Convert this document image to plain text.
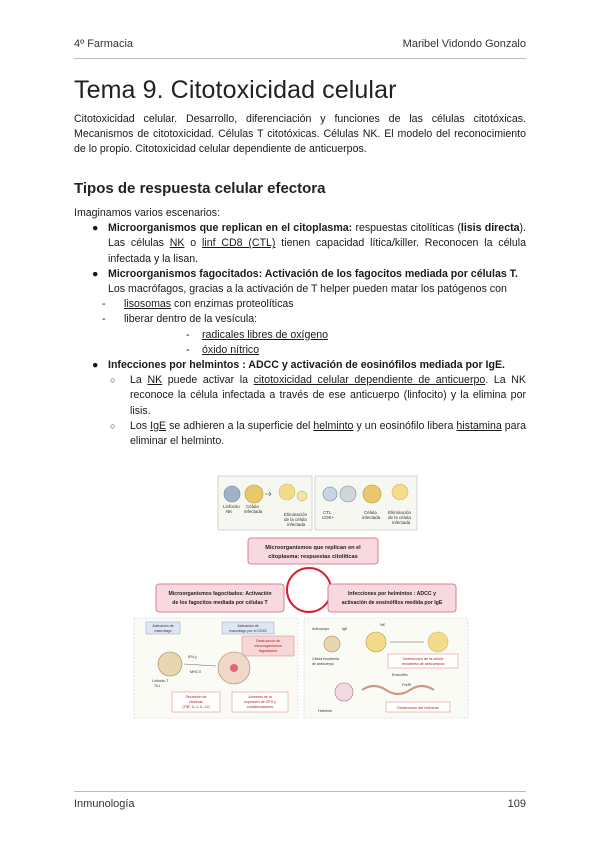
4º Farmacia	Maribel Vidondo Gonzalo
Tema 9. Citotoxicidad celular

Citotoxicidad celular. Desarrollo, diferenciación y funciones de las células citotóxicas. Mecanismos de citotoxicidad. Células T citotóxicas. Células NK. El modelo del reconocimiento de lo propio. Citotoxicidad celular dependiente de anticuerpos.

Tipos de respuesta celular efectora

Imaginamos varios escenarios:

● Microorganismos que replican en el citoplasma: respuestas citolíticas (lisis directa). Las células NK o linf CD8 (CTL) tienen capacidad lítica/killer. Reconocen la célula infectada y la lisan.
● Microorganismos fagocitados: Activación de los fagocitos mediada por células T.
Los macrófagos, gracias a la activación de T helper pueden matar los patógenos con
- lisosomas con enzimas proteolíticas
- liberar dentro de la vesícula:
- radicales libres de oxígeno
- óxido nítrico
● Infecciones por helmintos : ADCC y activación de eosinófilos mediada por IgE.
○ La NK puede activar la citotoxicidad celular dependiente de anticuerpo. La NK reconoce la célula infectada a través de ese anticuerpo (linfocito) y la elimina por lisis.
○ Los IgE se adhieren a la superficie del helminto y un eosinófilo libera histamina para eliminar el helminto.
Linfocito
NK
Célula
infectada
Eliminación
de la célula
infectada
CTL
CD8+
Célula
infectada
Eliminación
de la célula
infectada
Microorganismos que replican en el
citoplasma: respuestas citolíticas
Microorganismos fagocitados: Activación
de los fagocitos mediada por células T
Infecciones por helmintos : ADCC y
activación de eosinófilos medida por IgE
Activación de
macrófago
Activación de
macrófago por el CD40
Destrucción de
microorganismos
fagocitados
IFN-γ
MHC II
Linfocito T
Th1
Secreción de
citocinas
(TNF, IL-1, IL-12)
Aumento de la
expresión de CPH y
coestimuladores
Anticuerpo	IgE
NK
Célula recubierta
de anticuerpo
Destrucción de la célula
recubierta de anticuerpos
Eosinófilo
Helminto
FcεRI
Destrucción del helminto
Inmunología	109
